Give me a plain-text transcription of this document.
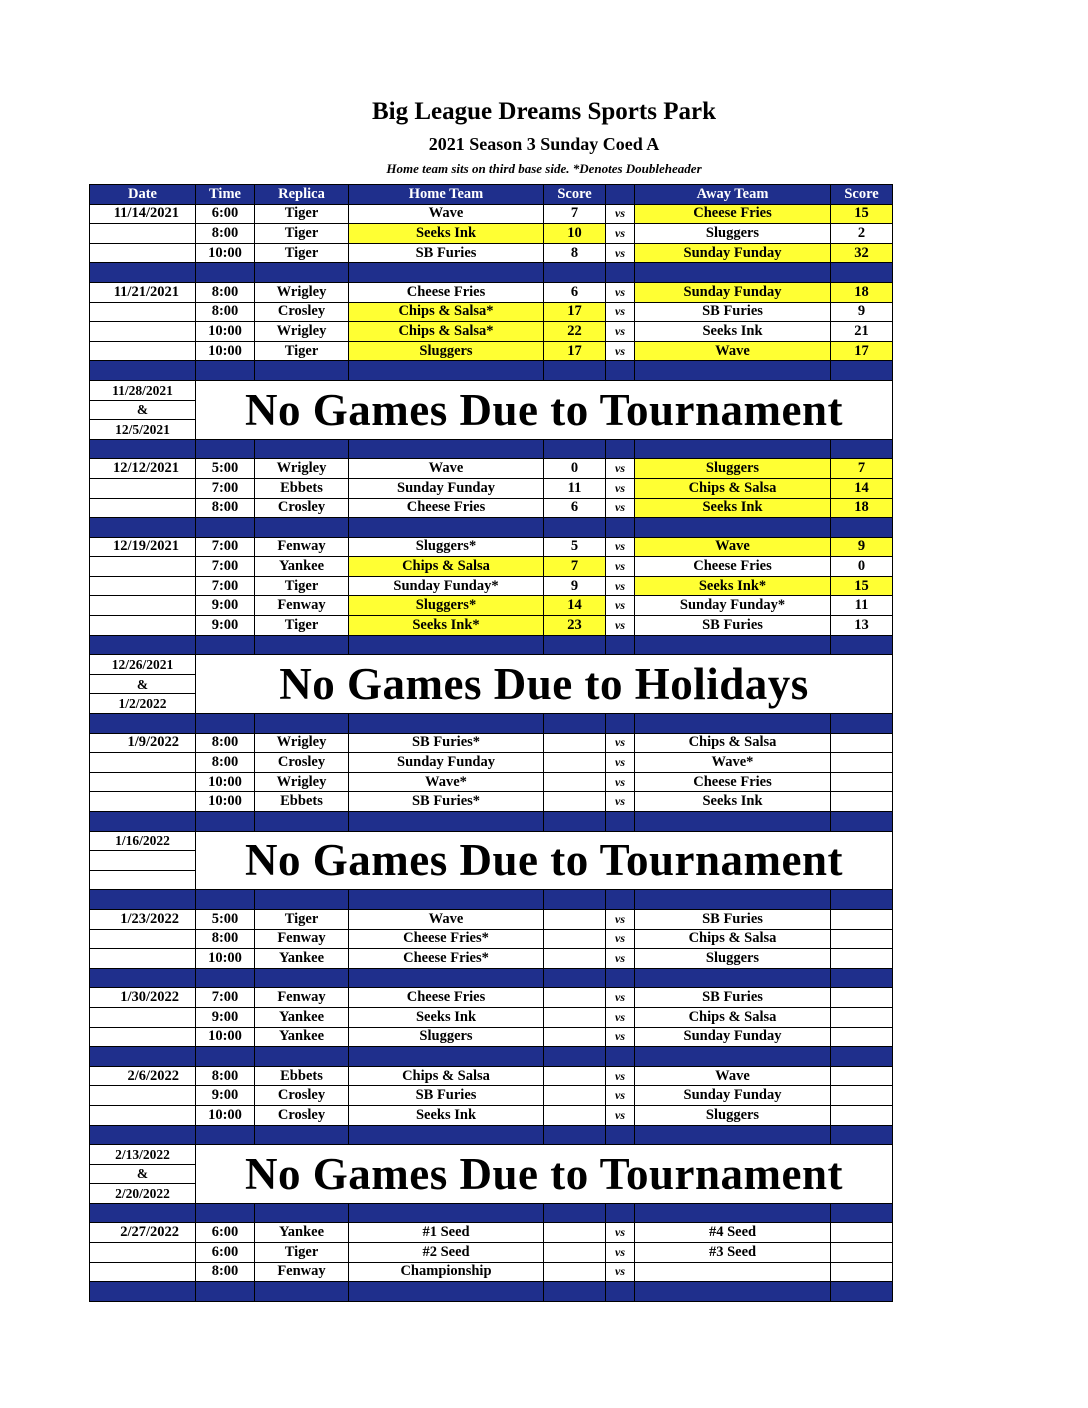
Big League Dreams Sports Park
2021 Season 3 Sunday Coed A
Home team sits on third base side. *Denotes Doubleheader
Date	Time	Replica	Home Team	Score		Away Team	Score
11/14/2021	6:00	Tiger	Wave	7	vs	Cheese Fries	15
	8:00	Tiger	Seeks Ink	10	vs	Sluggers	2
	10:00	Tiger	SB Furies	8	vs	Sunday Funday	32

11/21/2021	8:00	Wrigley	Cheese Fries	6	vs	Sunday Funday	18
	8:00	Crosley	Chips & Salsa*	17	vs	SB Furies	9
	10:00	Wrigley	Chips & Salsa*	22	vs	Seeks Ink	21
	10:00	Tiger	Sluggers	17	vs	Wave	17

11/28/2021	No Games Due to Tournament						
&							
12/5/2021							

12/12/2021	5:00	Wrigley	Wave	0	vs	Sluggers	7
	7:00	Ebbets	Sunday Funday	11	vs	Chips & Salsa	14
	8:00	Crosley	Cheese Fries	6	vs	Seeks Ink	18

12/19/2021	7:00	Fenway	Sluggers*	5	vs	Wave	9
	7:00	Yankee	Chips & Salsa	7	vs	Cheese Fries	0
	7:00	Tiger	Sunday Funday*	9	vs	Seeks Ink*	15
	9:00	Fenway	Sluggers*	14	vs	Sunday Funday*	11
	9:00	Tiger	Seeks Ink*	23	vs	SB Furies	13

12/26/2021	No Games Due to Holidays						
&							
1/2/2022							

1/9/2022	8:00	Wrigley	SB Furies*		vs	Chips & Salsa	
	8:00	Crosley	Sunday Funday		vs	Wave*	
	10:00	Wrigley	Wave*		vs	Cheese Fries	
	10:00	Ebbets	SB Furies*		vs	Seeks Ink	

1/16/2022	No Games Due to Tournament						

1/23/2022	5:00	Tiger	Wave		vs	SB Furies	
	8:00	Fenway	Cheese Fries*		vs	Chips & Salsa	
	10:00	Yankee	Cheese Fries*		vs	Sluggers	

1/30/2022	7:00	Fenway	Cheese Fries		vs	SB Furies	
	9:00	Yankee	Seeks Ink		vs	Chips & Salsa	
	10:00	Yankee	Sluggers		vs	Sunday Funday	

2/6/2022	8:00	Ebbets	Chips & Salsa		vs	Wave	
	9:00	Crosley	SB Furies		vs	Sunday Funday	
	10:00	Crosley	Seeks Ink		vs	Sluggers	

2/13/2022	No Games Due to Tournament						
&							
2/20/2022							

2/27/2022	6:00	Yankee	#1 Seed		vs	#4 Seed	
	6:00	Tiger	#2 Seed		vs	#3 Seed	
	8:00	Fenway	Championship		vs		
